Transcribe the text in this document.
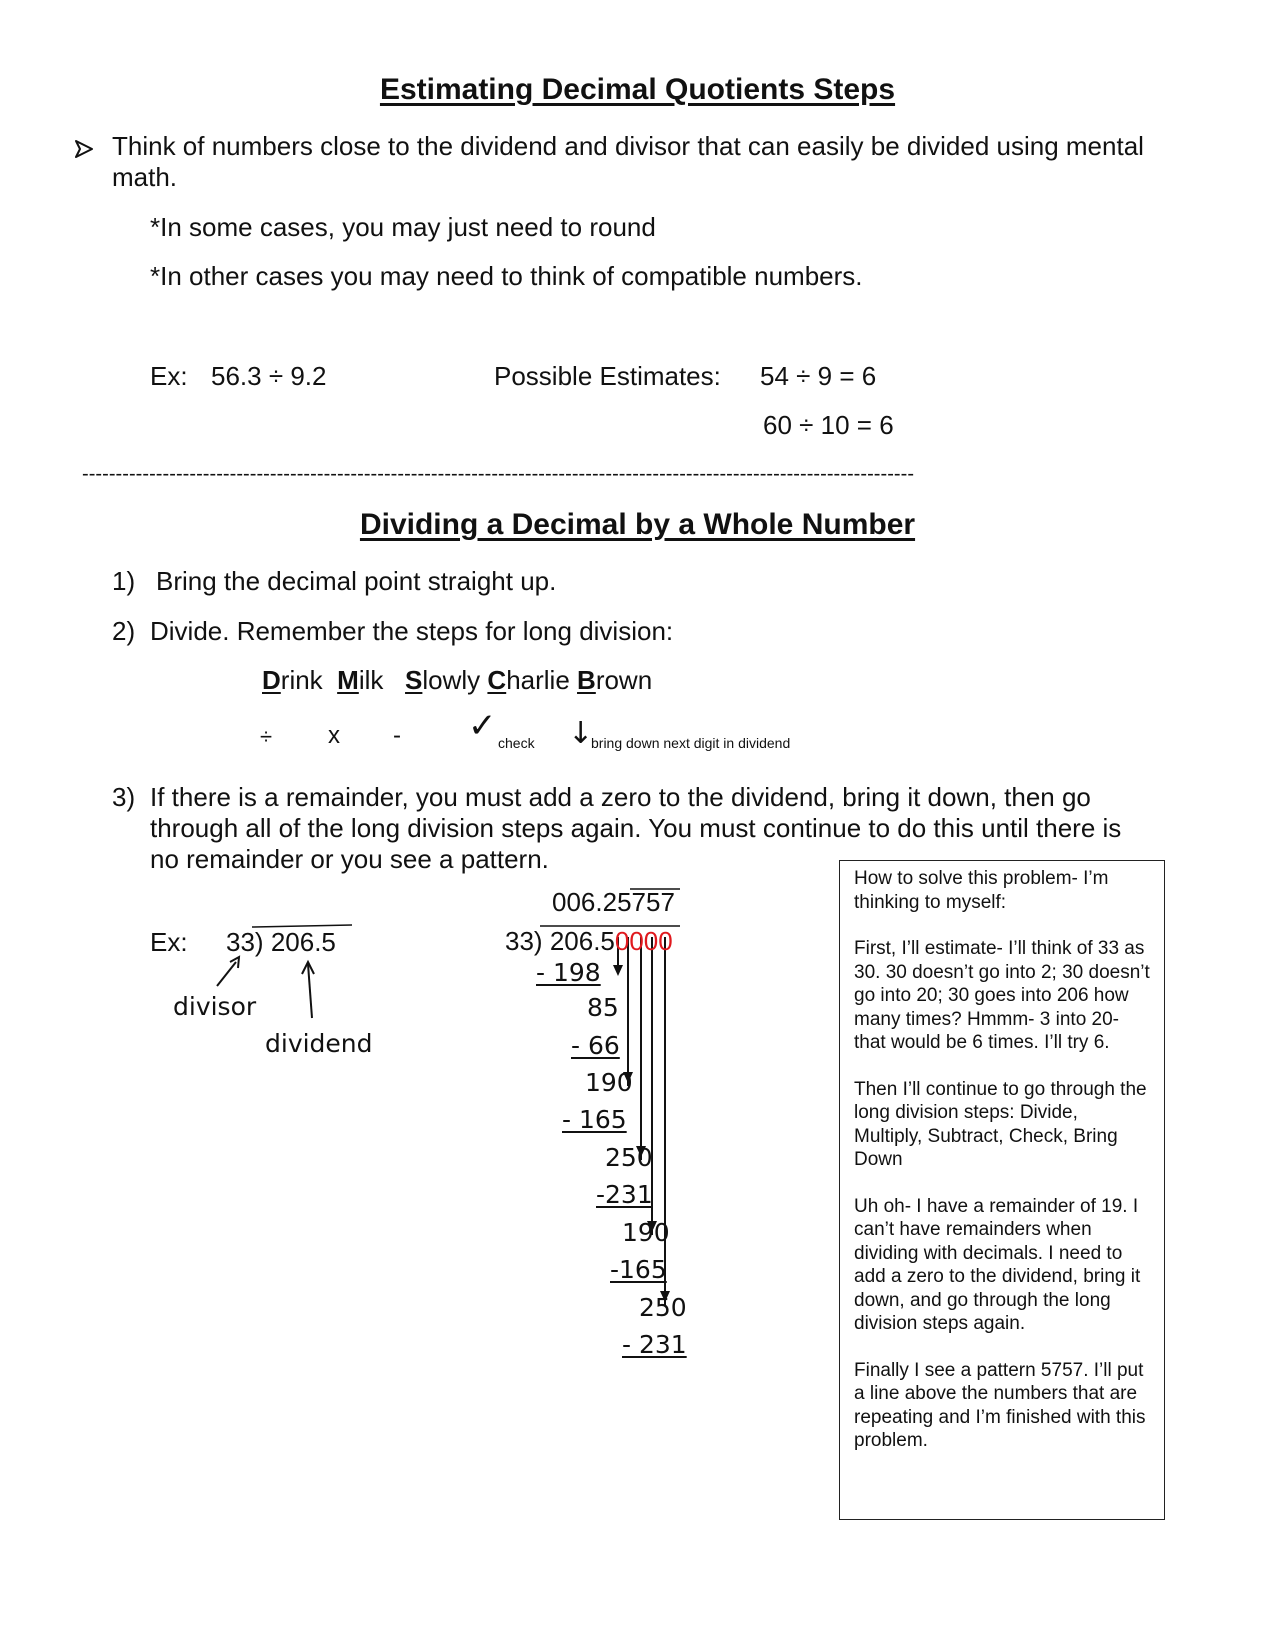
Estimating Decimal Quotients Steps
Think of numbers close to the dividend and divisor that can easily be divided using mental
math.
*In some cases, you may just need to round
*In other cases you may need to think of compatible numbers.
Ex: 56.3 ÷ 9.2	Possible Estimates: 54 ÷ 9 = 6
60 ÷ 10 = 6
----------------------------------------------------------------------------------------------------------------------------
Dividing a Decimal by a Whole Number
1) Bring the decimal point straight up.
2) Divide. Remember the steps for long division:
Drink Milk Slowly Charlie Brown
÷ x - ✓ check ↓
bring down next digit in dividend
3) If there is a remainder, you must add a zero to the dividend, bring it down, then go
through all of the long division steps again. You must continue to do this until there is
no remainder or you see a pattern.
Ex: 33) 206.5
divisor
dividend
006.25757
33) 206.50000
- 198
85
- 66
190
- 165
250
-231
190
-165
250
- 231

How to solve this problem- I’m thinking to myself:

First, I’ll estimate- I’ll think of 33 as 30. 30 doesn’t go into 2; 30 doesn’t go into 20; 30 goes into 206 how many times? Hmmm- 3 into 20- that would be 6 times. I’ll try 6.

Then I’ll continue to go through the long division steps: Divide, Multiply, Subtract, Check, Bring Down

Uh oh- I have a remainder of 19. I can’t have remainders when dividing with decimals. I need to add a zero to the dividend, bring it down, and go through the long division steps again.

Finally I see a pattern 5757. I’ll put a line above the numbers that are repeating and I’m finished with this problem.
